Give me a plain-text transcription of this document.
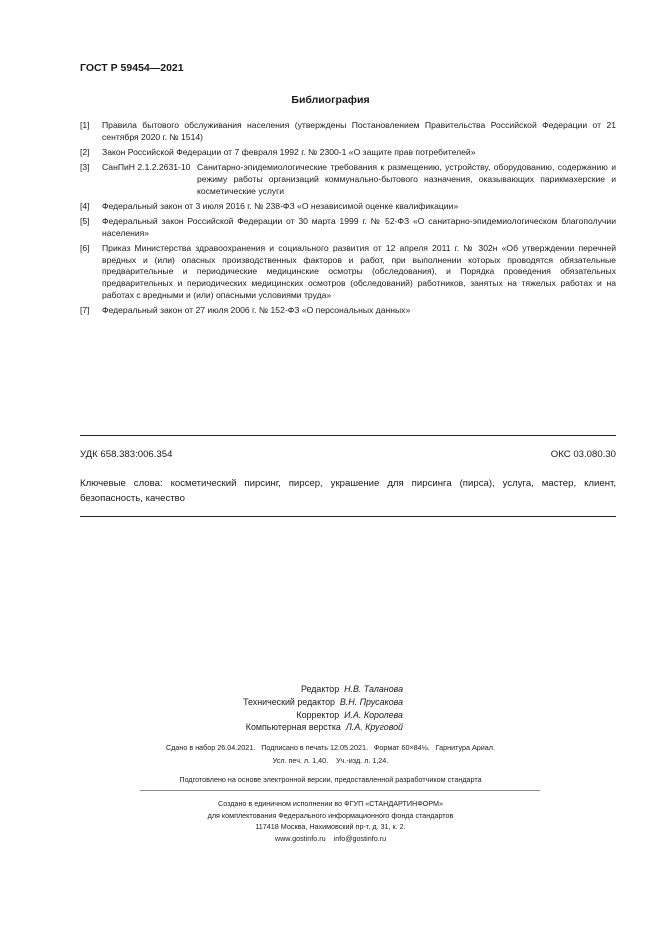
ГОСТ Р 59454—2021
Библиография
[1]	Правила бытового обслуживания населения (утверждены Постановлением Правительства Российской Федерации от 21 сентября 2020 г. № 1514)
[2]	Закон Российской Федерации от 7 февраля 1992 г. № 2300-1 «О защите прав потребителей»
[3]	СанПиН 2.1.2.2631-10 Санитарно-эпидемиологические требования к размещению, устройству, оборудованию, содержанию и режиму работы организаций коммунально-бытового назначения, оказывающих парикмахерские и косметические услуги
[4]	Федеральный закон от 3 июля 2016 г. № 238-ФЗ «О независимой оценке квалификации»
[5]	Федеральный закон Российской Федерации от 30 марта 1999 г. № 52-ФЗ «О санитарно-эпидемиологическом благополучии населения»
[6]	Приказ Министерства здравоохранения и социального развития от 12 апреля 2011 г. № 302н «Об утверждении перечней вредных и (или) опасных производственных факторов и работ, при выполнении которых проводятся обязательные предварительные и периодические медицинские осмотры (обследования), и Порядка проведения обязательных предварительных и периодических медицинских осмотров (обследований) работников, занятых на тяжелых работах и на работах с вредными и (или) опасными условиями труда»
[7]	Федеральный закон от 27 июля 2006 г. № 152-ФЗ «О персональных данных»
УДК 658.383:006.354	ОКС 03.080.30
Ключевые слова: косметический пирсинг, пирсер, украшение для пирсинга (пирса), услуга, мастер, клиент, безопасность, качество
Редактор Н.В. Таланова
Технический редактор В.Н. Прусакова
Корректор И.А. Королева
Компьютерная верстка Л.А. Круговой
Сдано в набор 26.04.2021.   Подписано в печать 12.05.2021.   Формат 60×84⅛.   Гарнитура Ариал.
Усл. печ. л. 1,40.    Уч.-изд. л. 1,24.
Подготовлено на основе электронной версии, предоставленной разработчиком стандарта
Создано в единичном исполнении во ФГУП «СТАНДАРТИНФОРМ»
для комплектования Федерального информационного фонда стандартов
117418 Москва, Нахимовский пр-т, д. 31, к. 2.
www.gostinfo.ru    info@gostinfo.ru
